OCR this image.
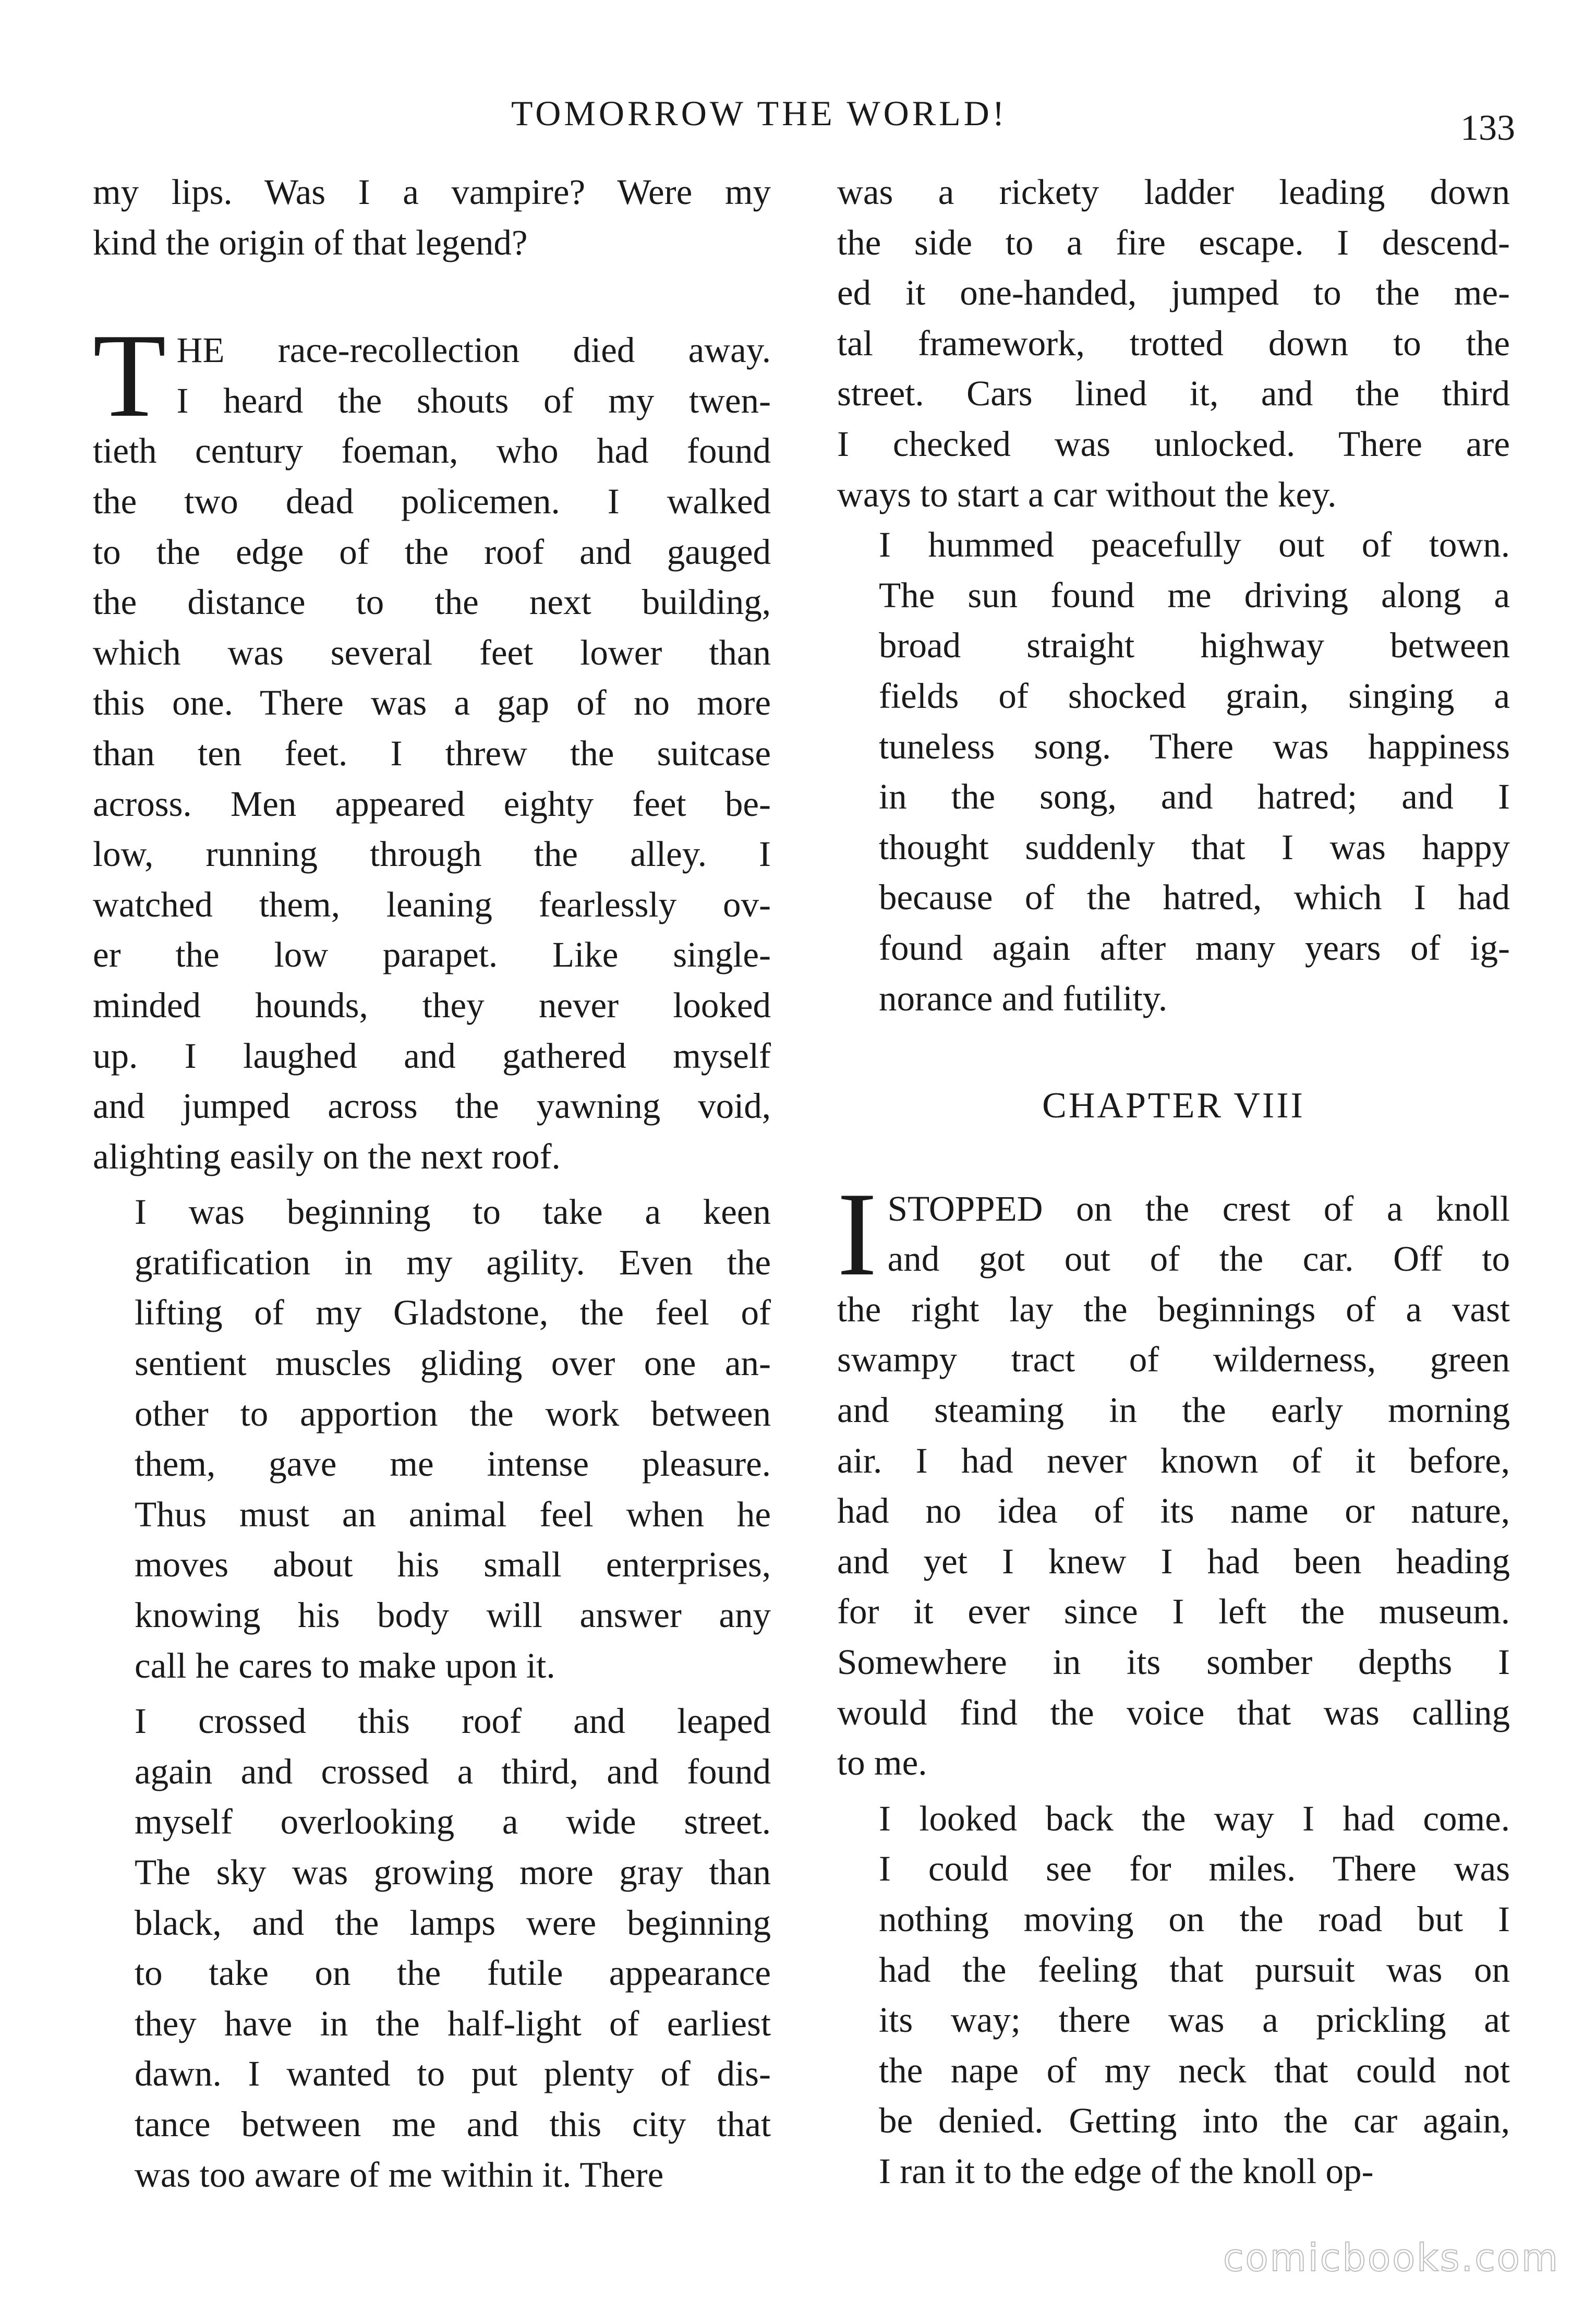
TOMORROW THE WORLD!	133

my lips. Was I a vampire? Were my
kind the origin of that legend?

T HE race-recollection died away.
I heard the shouts of my twen-
tieth century foeman, who had found
the two dead policemen. I walked
to the edge of the roof and gauged
the distance to the next building,
which was several feet lower than
this one. There was a gap of no more
than ten feet. I threw the suitcase
across. Men appeared eighty feet be-
low, running through the alley. I
watched them, leaning fearlessly ov-
er the low parapet. Like single-
minded hounds, they never looked
up. I laughed and gathered myself
and jumped across the yawning void,
alighting easily on the next roof.

I was beginning to take a keen
gratification in my agility. Even the
lifting of my Gladstone, the feel of
sentient muscles gliding over one an-
other to apportion the work between
them, gave me intense pleasure.
Thus must an animal feel when he
moves about his small enterprises,
knowing his body will answer any
call he cares to make upon it.

I crossed this roof and leaped
again and crossed a third, and found
myself overlooking a wide street.
The sky was growing more gray than
black, and the lamps were beginning
to take on the futile appearance
they have in the half-light of earliest
dawn. I wanted to put plenty of dis-
tance between me and this city that
was too aware of me within it. There

was a rickety ladder leading down
the side to a fire escape. I descend-
ed it one-handed, jumped to the me-
tal framework, trotted down to the
street. Cars lined it, and the third
I checked was unlocked. There are
ways to start a car without the key.

I hummed peacefully out of town.
The sun found me driving along a
broad straight highway between
fields of shocked grain, singing a
tuneless song. There was happiness
in the song, and hatred; and I
thought suddenly that I was happy
because of the hatred, which I had
found again after many years of ig-
norance and futility.

CHAPTER VIII

I STOPPED on the crest of a knoll
and got out of the car. Off to
the right lay the beginnings of a vast
swampy tract of wilderness, green
and steaming in the early morning
air. I had never known of it before,
had no idea of its name or nature,
and yet I knew I had been heading
for it ever since I left the museum.
Somewhere in its somber depths I
would find the voice that was calling
to me.

I looked back the way I had come.
I could see for miles. There was
nothing moving on the road but I
had the feeling that pursuit was on
its way; there was a prickling at
the nape of my neck that could not
be denied. Getting into the car again,
I ran it to the edge of the knoll op-

comicbooks.com
